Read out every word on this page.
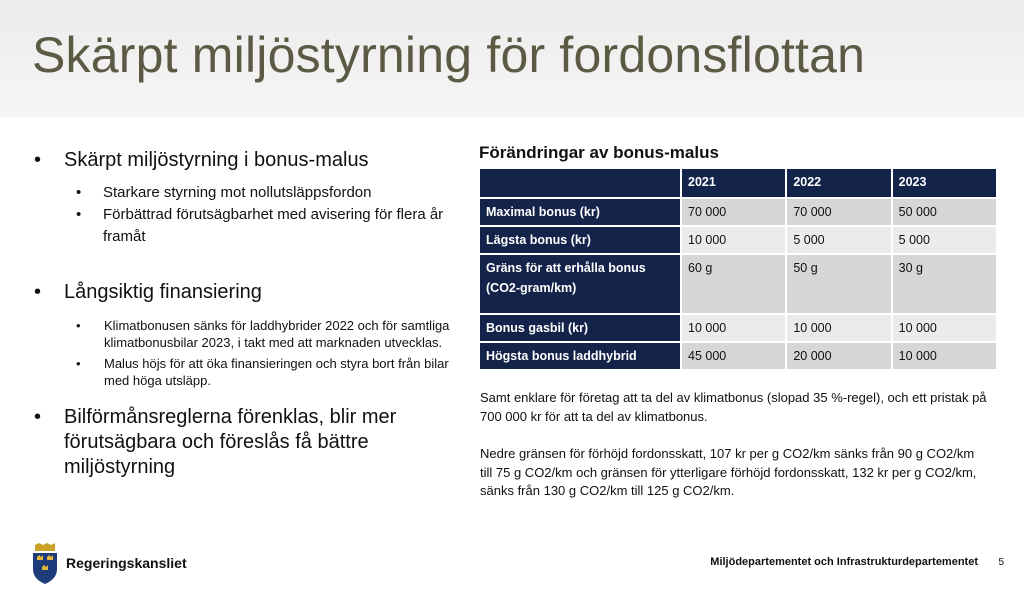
Skärpt miljöstyrning för fordonsflottan
• Skärpt miljöstyrning i bonus-malus
• Starkare styrning mot nollutsläppsfordon
• Förbättrad förutsägbarhet med avisering för flera år framåt
• Långsiktig finansiering
• Klimatbonusen sänks för laddhybrider 2022 och för samtliga klimatbonusbilar 2023, i takt med att marknaden utvecklas.
• Malus höjs för att öka finansieringen och styra bort från bilar med höga utsläpp.
• Bilförmånsreglerna förenklas, blir mer förutsägbara och föreslås få bättre miljöstyrning
Förändringar av bonus-malus
	2021	2022	2023
Maximal bonus (kr)	70 000	70 000	50 000
Lägsta bonus (kr)	10 000	5 000	5 000
Gräns för att erhålla bonus (CO2-gram/km)	60 g	50 g	30 g
Bonus gasbil (kr)	10 000	10 000	10 000
Högsta bonus laddhybrid	45 000	20 000	10 000

Samt enklare för företag att ta del av klimatbonus (slopad 35 %-regel), och ett pristak på 700 000 kr för att ta del av klimatbonus.

Nedre gränsen för förhöjd fordonsskatt, 107 kr per g CO2/km sänks från 90 g CO2/km till 75 g CO2/km och gränsen för ytterligare förhöjd fordonsskatt, 132 kr per g CO2/km, sänks från 130 g CO2/km till 125 g CO2/km.

Regeringskansliet	Miljödepartementet och Infrastrukturdepartementet 5
